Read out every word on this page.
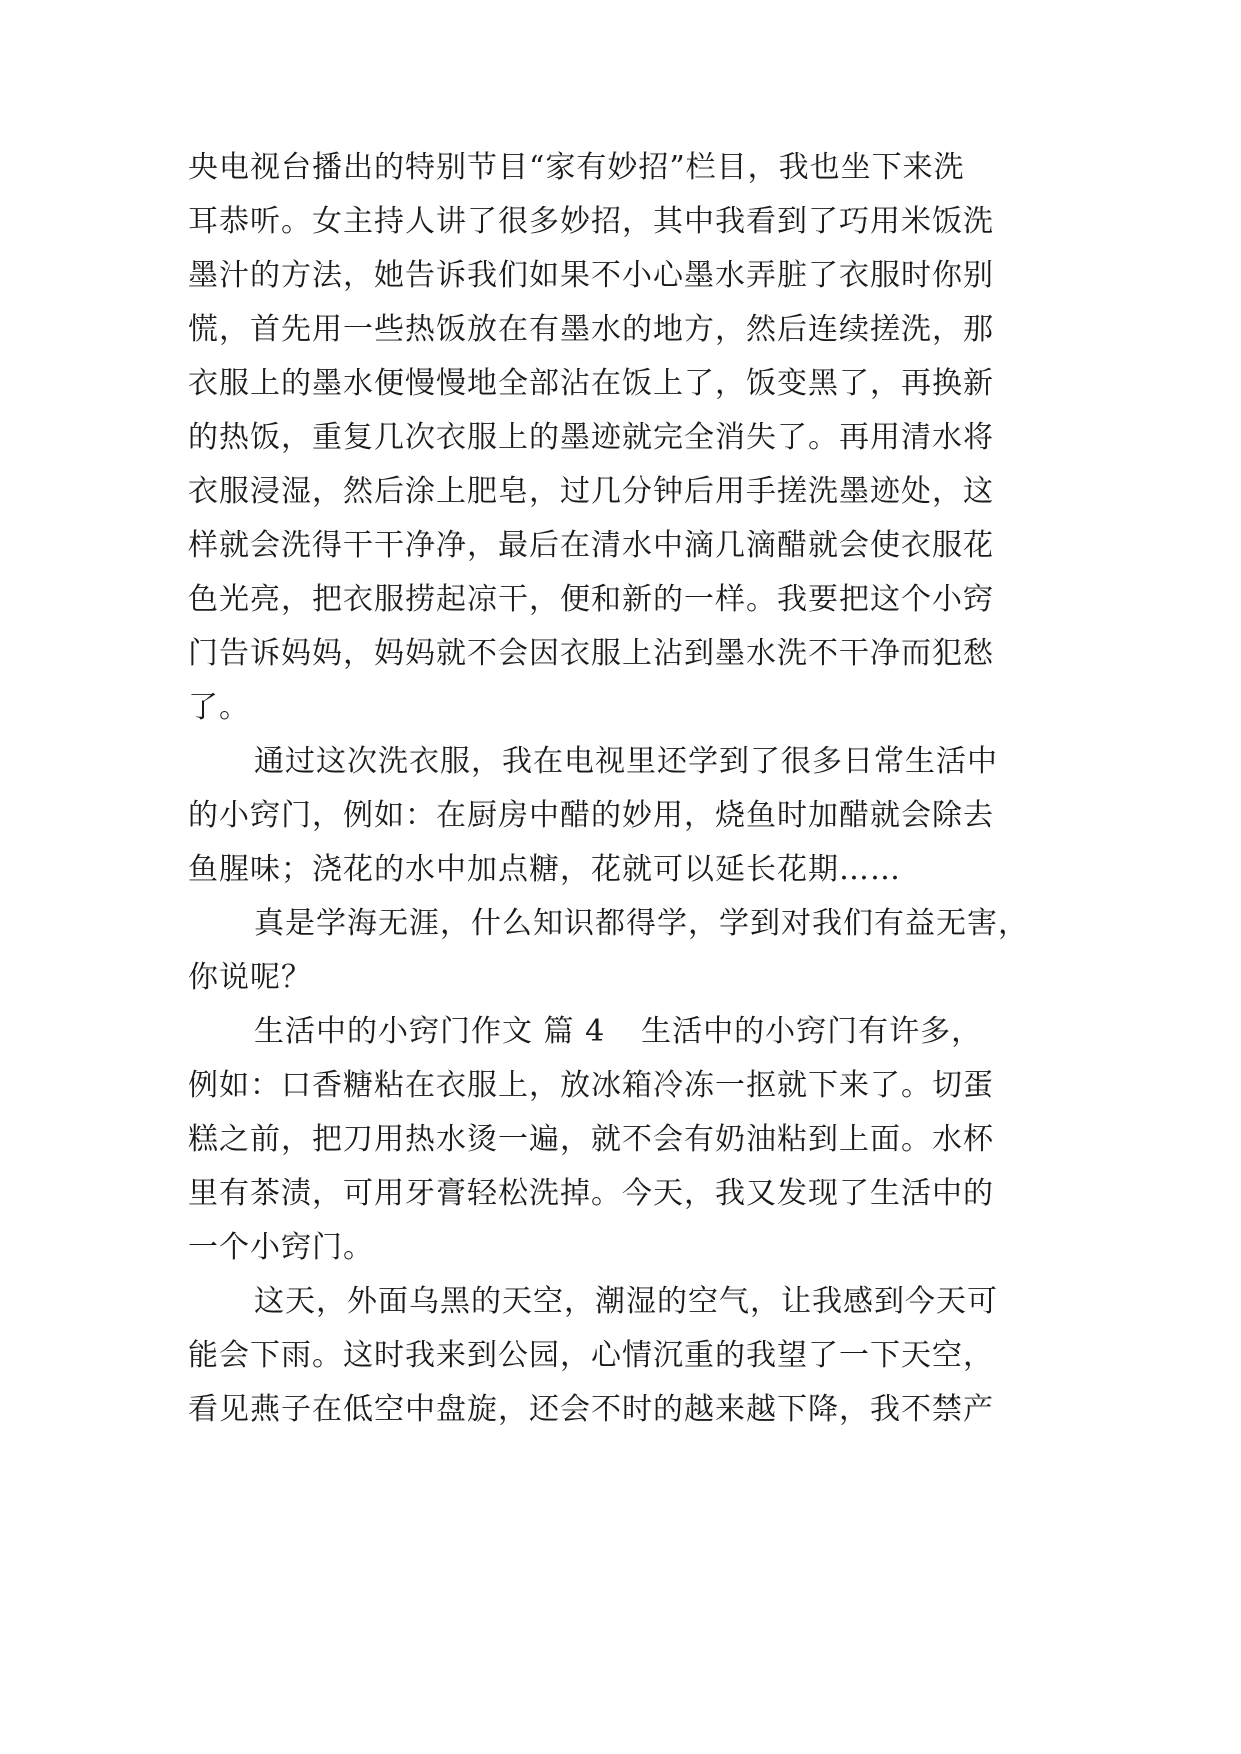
央电视台播出的特别节目“家有妙招”栏目，我也坐下来洗
耳恭听。女主持人讲了很多妙招，其中我看到了巧用米饭洗
墨汁的方法，她告诉我们如果不小心墨水弄脏了衣服时你别
慌，首先用一些热饭放在有墨水的地方，然后连续搓洗，那
衣服上的墨水便慢慢地全部沾在饭上了，饭变黑了，再换新
的热饭，重复几次衣服上的墨迹就完全消失了。再用清水将
衣服浸湿，然后涂上肥皂，过几分钟后用手搓洗墨迹处，这
样就会洗得干干净净，最后在清水中滴几滴醋就会使衣服花
色光亮，把衣服捞起凉干，便和新的一样。我要把这个小窍
门告诉妈妈，妈妈就不会因衣服上沾到墨水洗不干净而犯愁
了。
通过这次洗衣服，我在电视里还学到了很多日常生活中
的小窍门，例如：在厨房中醋的妙用，烧鱼时加醋就会除去
鱼腥味；浇花的水中加点糖，花就可以延长花期……
真是学海无涯，什么知识都得学，学到对我们有益无害，
你说呢？
生活中的小窍门作文 篇 4 生活中的小窍门有许多，
例如：口香糖粘在衣服上，放冰箱冷冻一抠就下来了。切蛋
糕之前，把刀用热水烫一遍，就不会有奶油粘到上面。水杯
里有茶渍，可用牙膏轻松洗掉。今天，我又发现了生活中的
一个小窍门。
这天，外面乌黑的天空，潮湿的空气，让我感到今天可
能会下雨。这时我来到公园，心情沉重的我望了一下天空，
看见燕子在低空中盘旋，还会不时的越来越下降，我不禁产
